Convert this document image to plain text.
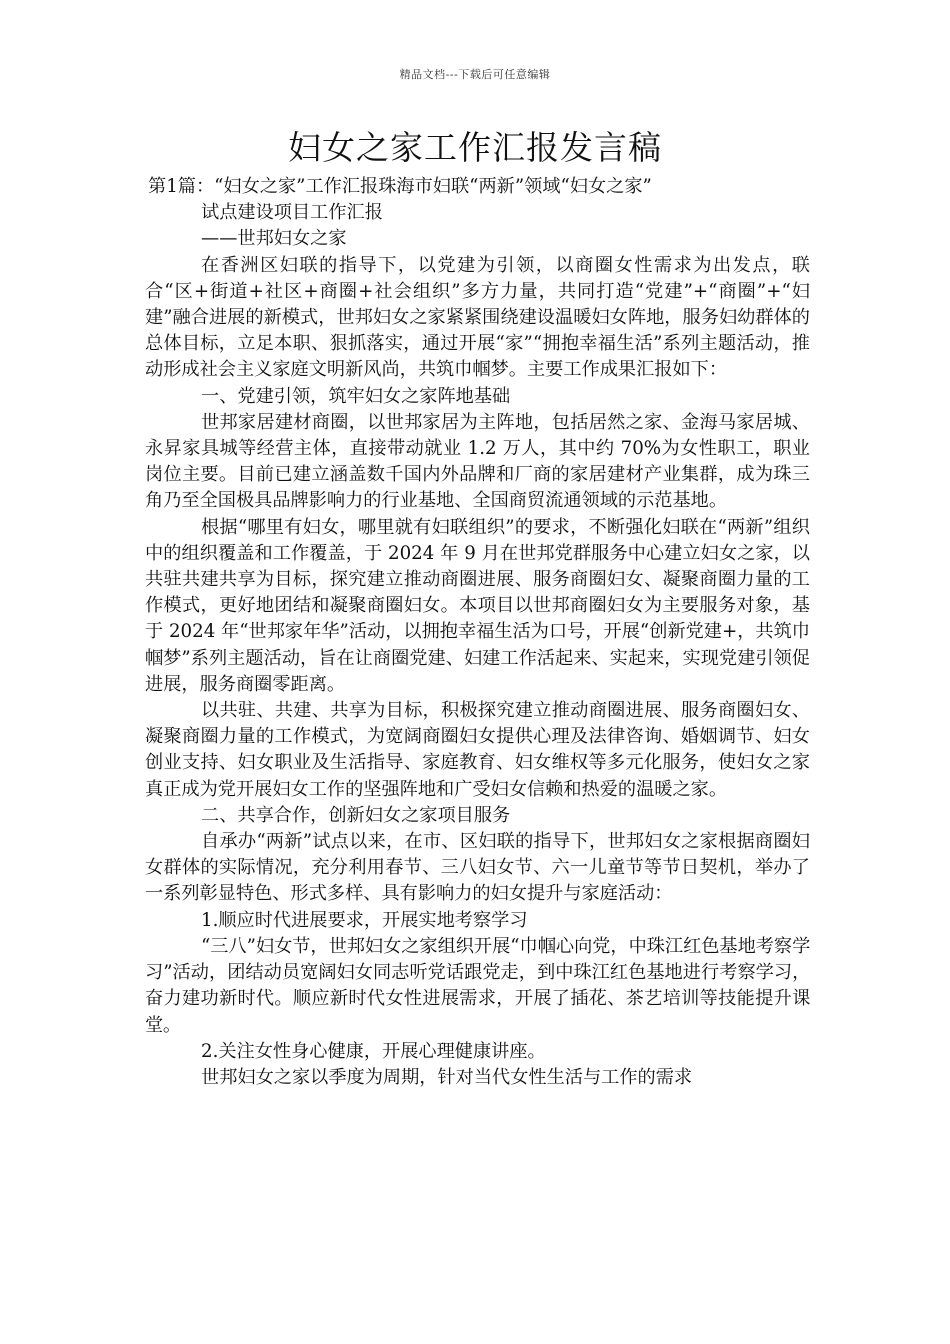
精品文档---下载后可任意编辑
妇女之家工作汇报发言稿

第1篇：“妇女之家”工作汇报珠海市妇联“两新”领域“妇女之家”

试点建设项目工作汇报

——世邦妇女之家

在香洲区妇联的指导下，以党建为引领，以商圈女性需求为出发点，联合“区+街道+社区+商圈+社会组织”多方力量，共同打造“党建”+“商圈”+“妇建”融合进展的新模式，世邦妇女之家紧紧围绕建设温暖妇女阵地，服务妇幼群体的总体目标，立足本职、狠抓落实，通过开展“家”“拥抱幸福生活”系列主题活动，推动形成社会主义家庭文明新风尚，共筑巾帼梦。主要工作成果汇报如下：

一、党建引领，筑牢妇女之家阵地基础

世邦家居建材商圈，以世邦家居为主阵地，包括居然之家、金海马家居城、永昇家具城等经营主体，直接带动就业 1.2 万人，其中约 70%为女性职工，职业岗位主要。目前已建立涵盖数千国内外品牌和厂商的家居建材产业集群，成为珠三角乃至全国极具品牌影响力的行业基地、全国商贸流通领域的示范基地。

根据“哪里有妇女，哪里就有妇联组织”的要求，不断强化妇联在“两新”组织中的组织覆盖和工作覆盖，于 2024 年 9 月在世邦党群服务中心建立妇女之家，以共驻共建共享为目标，探究建立推动商圈进展、服务商圈妇女、凝聚商圈力量的工作模式，更好地团结和凝聚商圈妇女。本项目以世邦商圈妇女为主要服务对象，基于 2024 年“世邦家年华”活动，以拥抱幸福生活为口号，开展“创新党建+，共筑巾帼梦”系列主题活动，旨在让商圈党建、妇建工作活起来、实起来，实现党建引领促进展，服务商圈零距离。

以共驻、共建、共享为目标，积极探究建立推动商圈进展、服务商圈妇女、凝聚商圈力量的工作模式，为宽阔商圈妇女提供心理及法律咨询、婚姻调节、妇女创业支持、妇女职业及生活指导、家庭教育、妇女维权等多元化服务，使妇女之家真正成为党开展妇女工作的坚强阵地和广受妇女信赖和热爱的温暖之家。

二、共享合作，创新妇女之家项目服务

自承办“两新”试点以来，在市、区妇联的指导下，世邦妇女之家根据商圈妇女群体的实际情况，充分利用春节、三八妇女节、六一儿童节等节日契机，举办了一系列彰显特色、形式多样、具有影响力的妇女提升与家庭活动：

1.顺应时代进展要求，开展实地考察学习

“三八”妇女节，世邦妇女之家组织开展“巾帼心向党，中珠江红色基地考察学习”活动，团结动员宽阔妇女同志听党话跟党走，到中珠江红色基地进行考察学习，奋力建功新时代。顺应新时代女性进展需求，开展了插花、茶艺培训等技能提升课堂。

2.关注女性身心健康，开展心理健康讲座。

世邦妇女之家以季度为周期，针对当代女性生活与工作的需求
